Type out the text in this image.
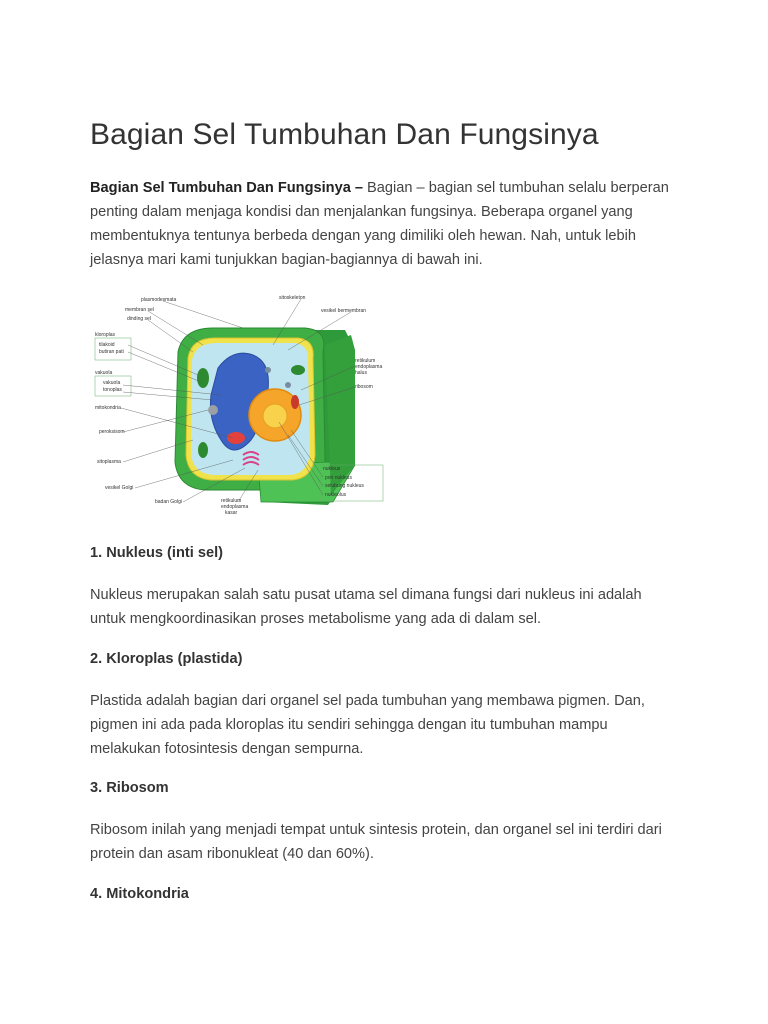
Bagian Sel Tumbuhan Dan Fungsinya

Bagian Sel Tumbuhan Dan Fungsinya – Bagian – bagian sel tumbuhan selalu berperan penting dalam menjaga kondisi dan menjalankan fungsinya. Beberapa organel yang membentuknya tentunya berbeda dengan yang dimiliki oleh hewan. Nah, untuk lebih jelasnya mari kami tunjukkan bagian-bagiannya di bawah ini.

plasmodesmata
membran sel
dinding sel
kloroplas
tilakoid
butiran pati
vakuola
vakuola
tonoplas
mitokondria
peroksisom
sitoplasma
vesikel Golgi
badan Golgi	retikulum
endoplasma
kasar
sitoskeleton
vesikel bermembran
retikulum
endoplasma
halus
ribosom
nukleus
pori nukleus
selubung nukleus
nukleolus
1. Nukleus (inti sel)

Nukleus merupakan salah satu pusat utama sel dimana fungsi dari nukleus ini adalah untuk mengkoordinasikan proses metabolisme yang ada di dalam sel.

2. Kloroplas (plastida)

Plastida adalah bagian dari organel sel pada tumbuhan yang membawa pigmen. Dan, pigmen ini ada pada kloroplas itu sendiri sehingga dengan itu tumbuhan mampu melakukan fotosintesis dengan sempurna.

3. Ribosom

Ribosom inilah yang menjadi tempat untuk sintesis protein, dan organel sel ini terdiri dari protein dan asam ribonukleat (40 dan 60%).

4. Mitokondria
